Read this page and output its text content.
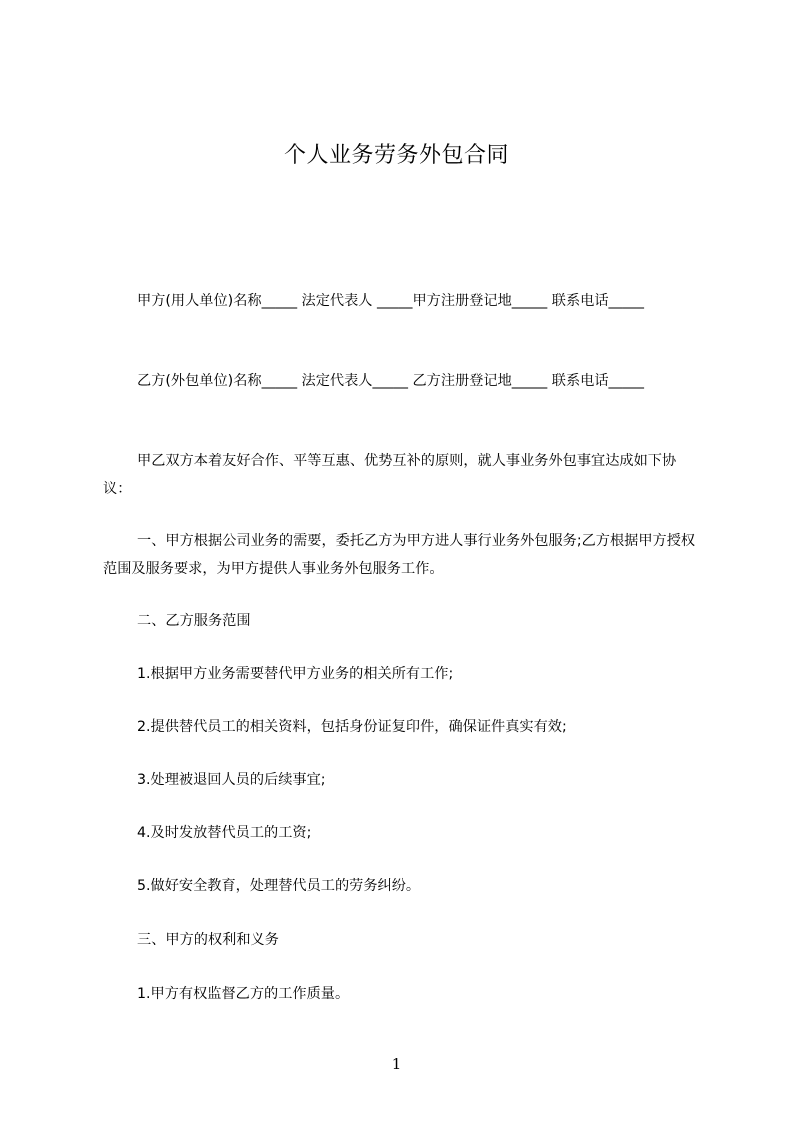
个人业务劳务外包合同

甲方(用人单位)名称_____ 法定代表人 _____甲方注册登记地_____ 联系电话_____

乙方(外包单位)名称_____ 法定代表人_____ 乙方注册登记地_____ 联系电话_____

甲乙双方本着友好合作、平等互惠、优势互补的原则，就人事业务外包事宜达成如下协议：

一、甲方根据公司业务的需要，委托乙方为甲方进人事行业务外包服务;乙方根据甲方授权范围及服务要求，为甲方提供人事业务外包服务工作。

二、乙方服务范围
1.根据甲方业务需要替代甲方业务的相关所有工作;
2.提供替代员工的相关资料，包括身份证复印件，确保证件真实有效;
3.处理被退回人员的后续事宜;
4.及时发放替代员工的工资;
5.做好安全教育，处理替代员工的劳务纠纷。
三、甲方的权利和义务
1.甲方有权监督乙方的工作质量。
1
